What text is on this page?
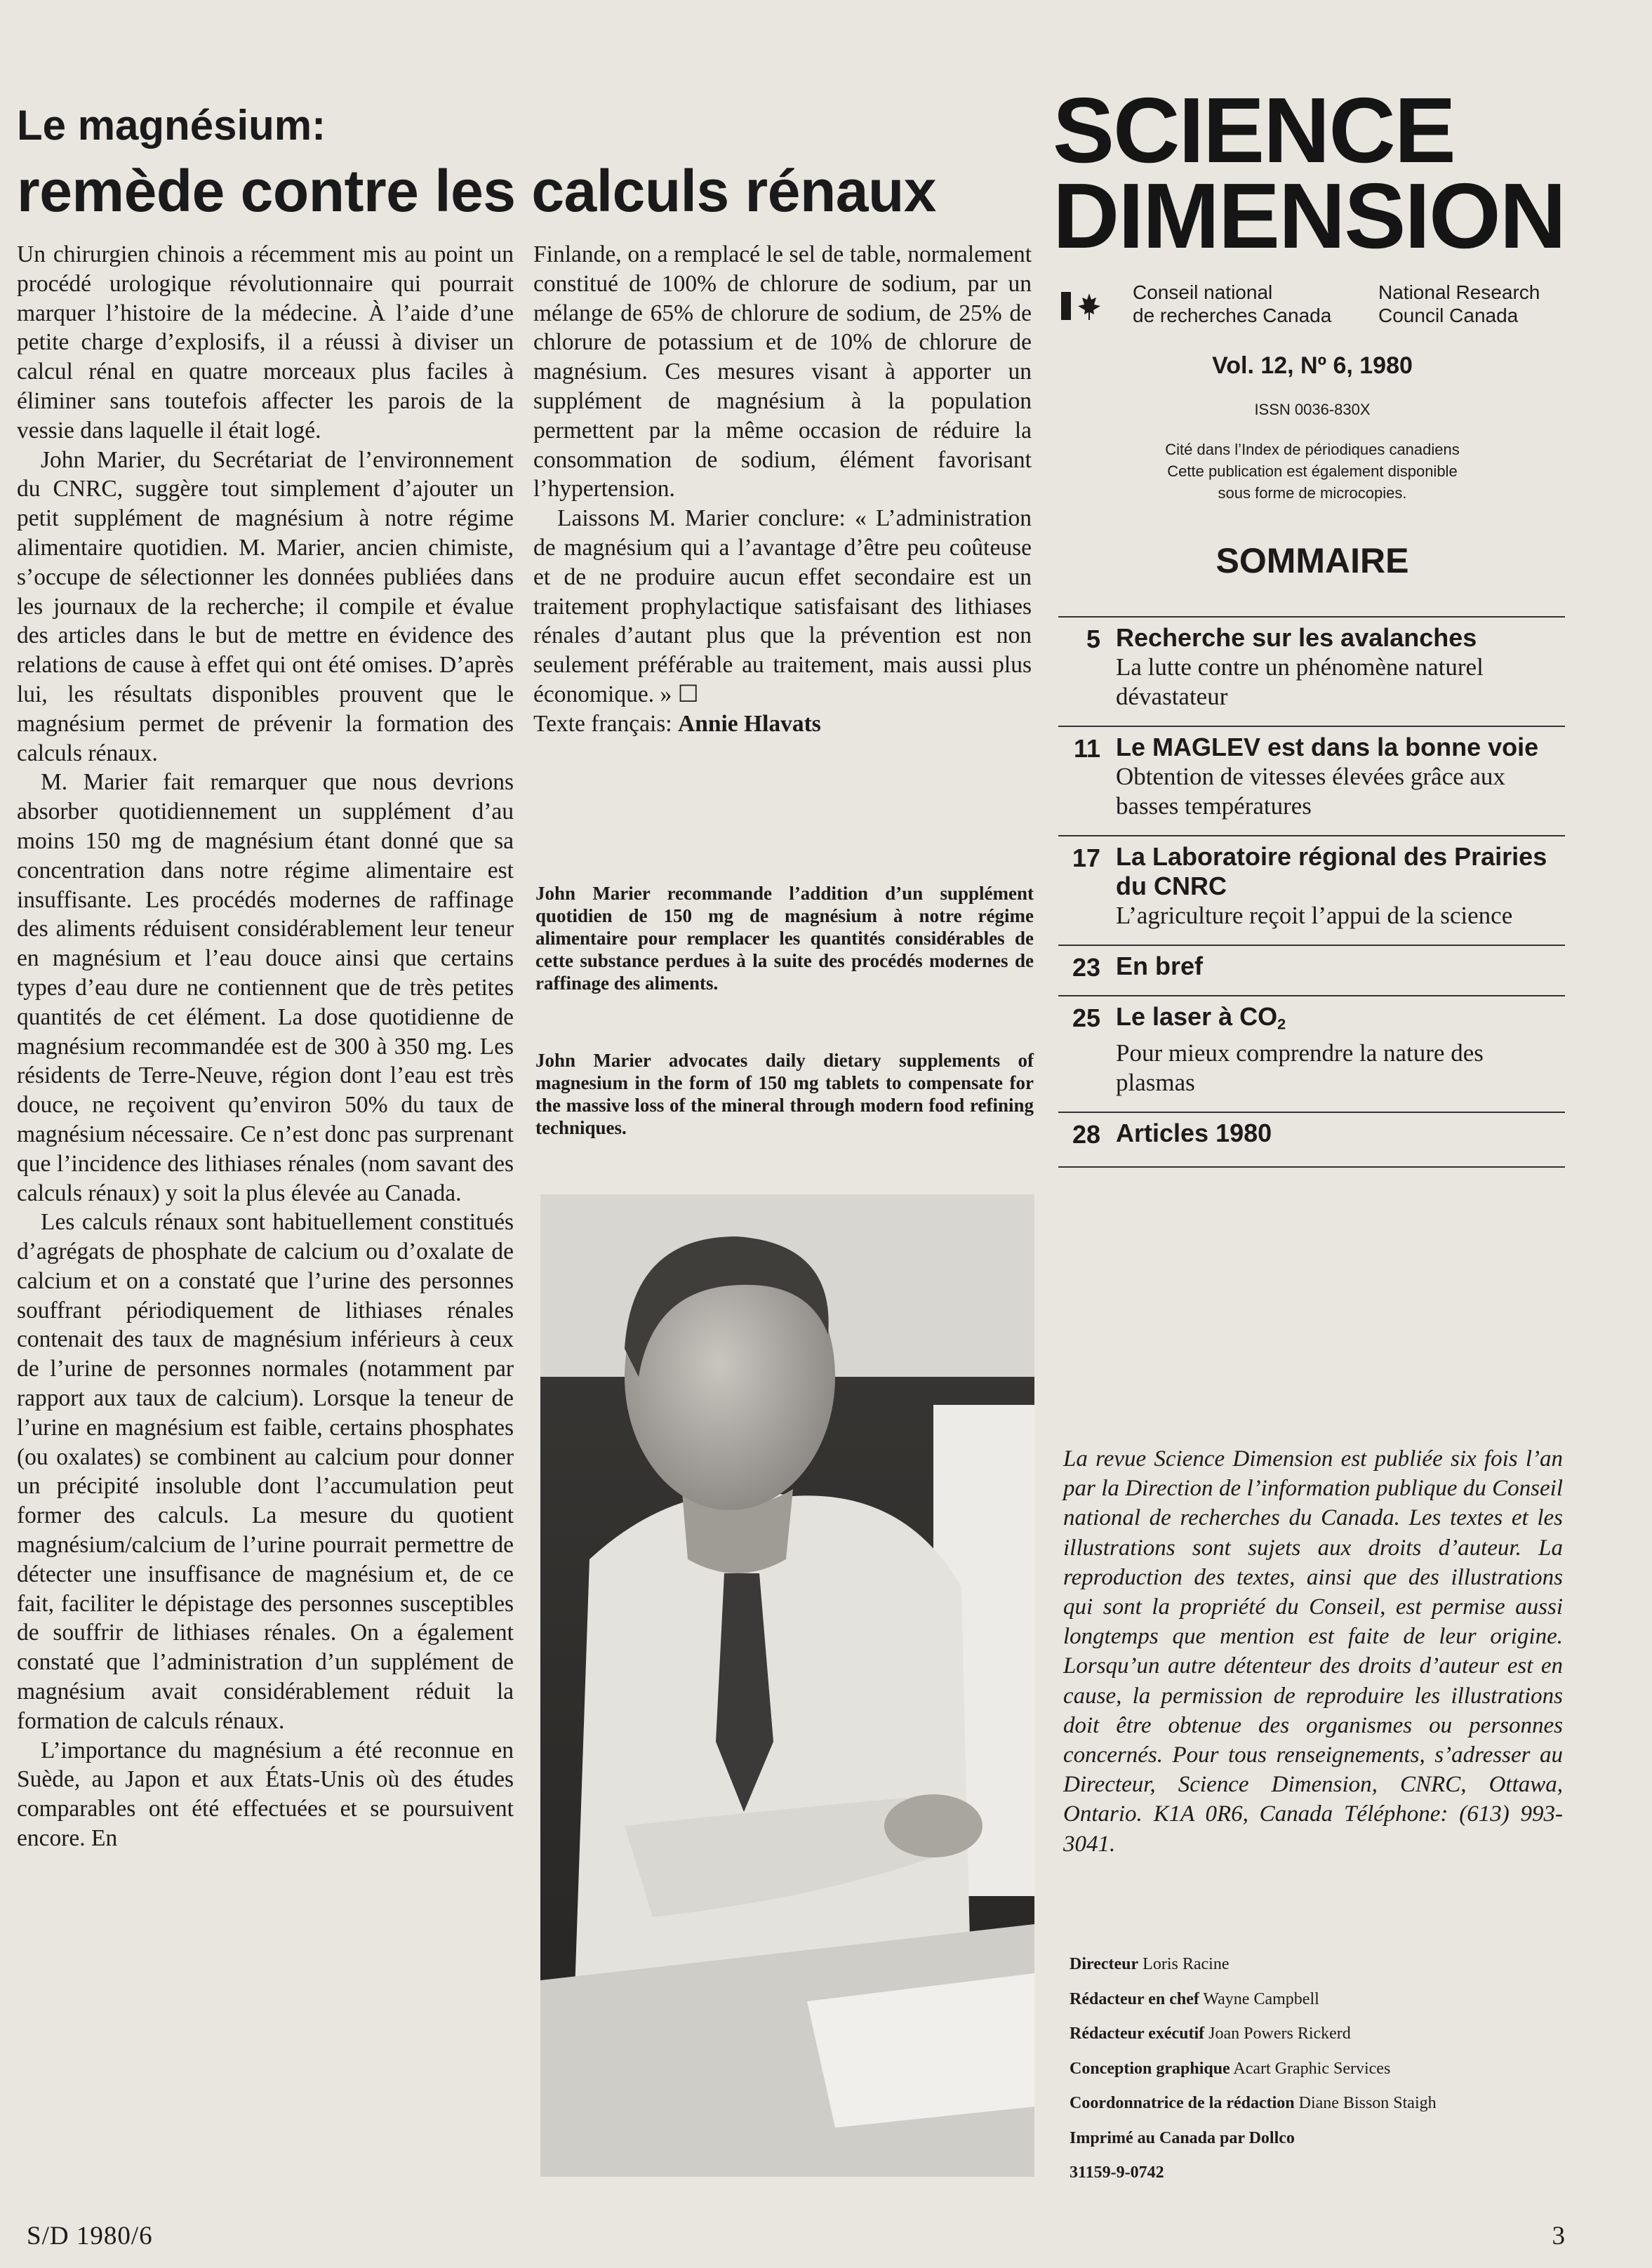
Le magnésium:
remède contre les calculs rénaux

Un chirurgien chinois a récemment mis au point un procédé urologique révolutionnaire qui pourrait marquer l’histoire de la médecine. À l’aide d’une petite charge d’explosifs, il a réussi à diviser un calcul rénal en quatre morceaux plus faciles à éliminer sans toutefois affecter les parois de la vessie dans laquelle il était logé.

John Marier, du Secrétariat de l’environnement du CNRC, suggère tout simplement d’ajouter un petit supplément de magnésium à notre régime alimentaire quotidien. M. Marier, ancien chimiste, s’occupe de sélectionner les données publiées dans les journaux de la recherche; il compile et évalue des articles dans le but de mettre en évidence des relations de cause à effet qui ont été omises. D’après lui, les résultats disponibles prouvent que le magnésium permet de prévenir la formation des calculs rénaux.

M. Marier fait remarquer que nous devrions absorber quotidiennement un supplément d’au moins 150 mg de magnésium étant donné que sa concentration dans notre régime alimentaire est insuffisante. Les procédés modernes de raffinage des aliments réduisent considérablement leur teneur en magnésium et l’eau douce ainsi que certains types d’eau dure ne contiennent que de très petites quantités de cet élément. La dose quotidienne de magnésium recommandée est de 300 à 350 mg. Les résidents de Terre-Neuve, région dont l’eau est très douce, ne reçoivent qu’environ 50% du taux de magnésium nécessaire. Ce n’est donc pas surprenant que l’incidence des lithiases rénales (nom savant des calculs rénaux) y soit la plus élevée au Canada.

Les calculs rénaux sont habituellement constitués d’agrégats de phosphate de calcium ou d’oxalate de calcium et on a constaté que l’urine des personnes souffrant périodiquement de lithiases rénales contenait des taux de magnésium inférieurs à ceux de l’urine de personnes normales (notamment par rapport aux taux de calcium). Lorsque la teneur de l’urine en magnésium est faible, certains phosphates (ou oxalates) se combinent au calcium pour donner un précipité insoluble dont l’accumulation peut former des calculs. La mesure du quotient magnésium/calcium de l’urine pourrait permettre de détecter une insuffisance de magnésium et, de ce fait, faciliter le dépistage des personnes susceptibles de souffrir de lithiases rénales. On a également constaté que l’administration d’un supplément de magnésium avait considérablement réduit la formation de calculs rénaux.

L’importance du magnésium a été reconnue en Suède, au Japon et aux États-Unis où des études comparables ont été effectuées et se poursuivent encore. En

Finlande, on a remplacé le sel de table, normalement constitué de 100% de chlorure de sodium, par un mélange de 65% de chlorure de sodium, de 25% de chlorure de potassium et de 10% de chlorure de magnésium. Ces mesures visant à apporter un supplément de magnésium à la population permettent par la même occasion de réduire la consommation de sodium, élément favorisant l’hypertension.

Laissons M. Marier conclure: « L’administration de magnésium qui a l’avantage d’être peu coûteuse et de ne produire aucun effet secondaire est un traitement prophylactique satisfaisant des lithiases rénales d’autant plus que la prévention est non seulement préférable au traitement, mais aussi plus économique. » ☐

Texte français: Annie Hlavats
John Marier recommande l’addition d’un supplément quotidien de 150 mg de magnésium à notre régime alimentaire pour remplacer les quantités considérables de cette substance perdues à la suite des procédés modernes de raffinage des aliments.
John Marier advocates daily dietary supplements of magnesium in the form of 150 mg tablets to compensate for the massive loss of the mineral through modern food refining techniques.
SCIENCE
DIMENSION
Conseil national
de recherches Canada
National Research
Council Canada
Vol. 12, Nº 6, 1980
ISSN 0036-830X
Cité dans l’Index de périodiques canadiens
Cette publication est également disponible
sous forme de microcopies.
SOMMAIRE
5 Recherche sur les avalanches
La lutte contre un phénomène naturel dévastateur
11 Le MAGLEV est dans la bonne voie
Obtention de vitesses élevées grâce aux basses températures
17 La Laboratoire régional des Prairies du CNRC
L’agriculture reçoit l’appui de la science
23 En bref
25 Le laser à $CO_2$
Pour mieux comprendre la nature des plasmas
28 Articles 1980
La revue Science Dimension est publiée six fois l’an par la Direction de l’information publique du Conseil national de recherches du Canada. Les textes et les illustrations sont sujets aux droits d’auteur. La reproduction des textes, ainsi que des illustrations qui sont la propriété du Conseil, est permise aussi longtemps que mention est faite de leur origine. Lorsqu’un autre détenteur des droits d’auteur est en cause, la permission de reproduire les illustrations doit être obtenue des organismes ou personnes concernés. Pour tous renseignements, s’adresser au Directeur, Science Dimension, CNRC, Ottawa, Ontario. K1A 0R6, Canada Téléphone: (613) 993-3041.
Directeur Loris Racine
Rédacteur en chef Wayne Campbell
Rédacteur exécutif Joan Powers Rickerd
Conception graphique Acart Graphic Services
Coordonnatrice de la rédaction Diane Bisson Staigh
Imprimé au Canada par Dollco
31159-9-0742
S/D 1980/6	3
